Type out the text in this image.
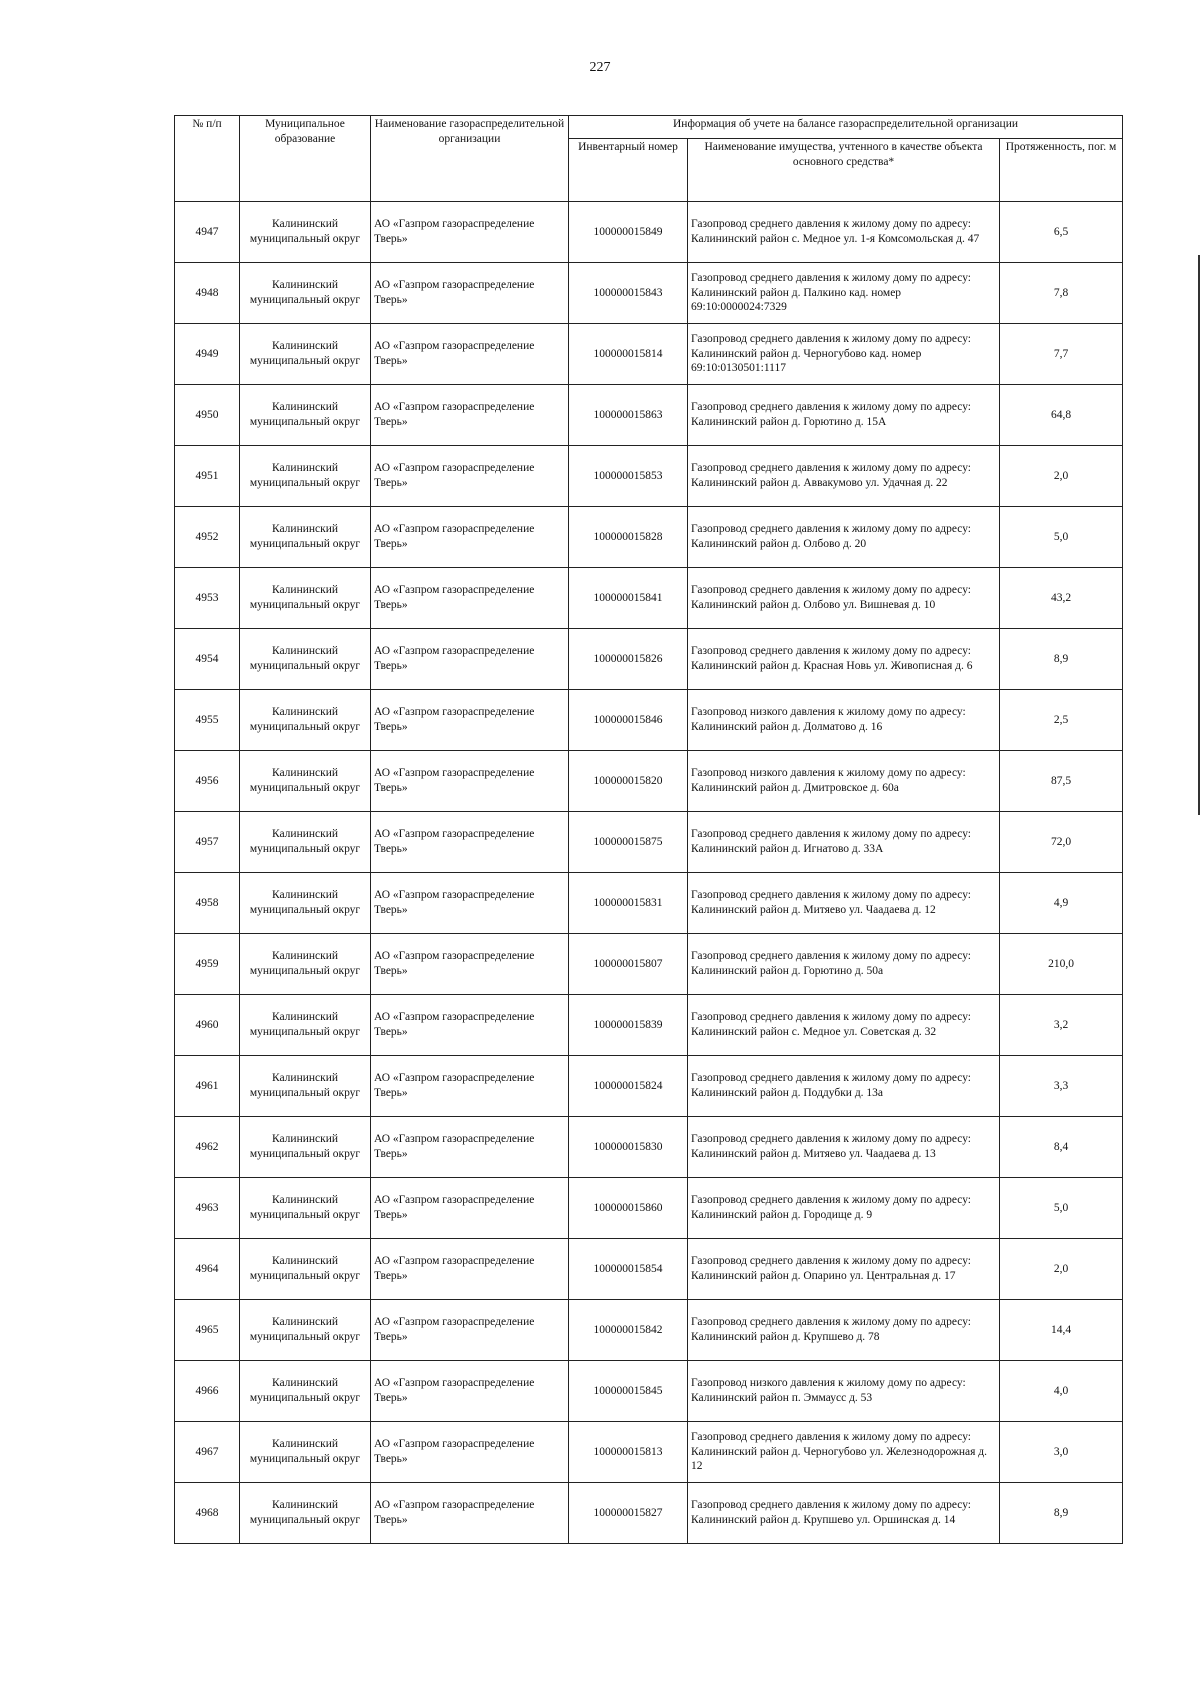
227
№ п/п	Муниципальное образование	Наименование газораспределительной организации	Информация об учете на балансе газораспределительной организации		
			Инвентарный номер	Наименование имущества, учтенного в качестве объекта основного средства*	Протяженность, пог. м
4947	Калининский муниципальный округ	АО «Газпром газораспределение Тверь»	100000015849	Газопровод среднего давления к жилому дому по адресу: Калининский район с. Медное ул. 1-я Комсомольская д. 47	6,5
4948	Калининский муниципальный округ	АО «Газпром газораспределение Тверь»	100000015843	Газопровод среднего давления к жилому дому по адресу: Калининский район д. Палкино кад. номер 69:10:0000024:7329	7,8
4949	Калининский муниципальный округ	АО «Газпром газораспределение Тверь»	100000015814	Газопровод среднего давления к жилому дому по адресу: Калининский район д. Черногубово кад. номер 69:10:0130501:1117	7,7
4950	Калининский муниципальный округ	АО «Газпром газораспределение Тверь»	100000015863	Газопровод среднего давления к жилому дому по адресу: Калининский район д. Горютино д. 15А	64,8
4951	Калининский муниципальный округ	АО «Газпром газораспределение Тверь»	100000015853	Газопровод среднего давления к жилому дому по адресу: Калининский район д. Аввакумово ул. Удачная д. 22	2,0
4952	Калининский муниципальный округ	АО «Газпром газораспределение Тверь»	100000015828	Газопровод среднего давления к жилому дому по адресу: Калининский район д. Олбово д. 20	5,0
4953	Калининский муниципальный округ	АО «Газпром газораспределение Тверь»	100000015841	Газопровод среднего давления к жилому дому по адресу: Калининский район д. Олбово ул. Вишневая д. 10	43,2
4954	Калининский муниципальный округ	АО «Газпром газораспределение Тверь»	100000015826	Газопровод среднего давления к жилому дому по адресу: Калининский район д. Красная Новь ул. Живописная д. 6	8,9
4955	Калининский муниципальный округ	АО «Газпром газораспределение Тверь»	100000015846	Газопровод низкого давления к жилому дому по адресу: Калининский район д. Долматово д. 16	2,5
4956	Калининский муниципальный округ	АО «Газпром газораспределение Тверь»	100000015820	Газопровод низкого давления к жилому дому по адресу: Калининский район д. Дмитровское д. 60а	87,5
4957	Калининский муниципальный округ	АО «Газпром газораспределение Тверь»	100000015875	Газопровод среднего давления к жилому дому по адресу: Калининский район д. Игнатово д. 33А	72,0
4958	Калининский муниципальный округ	АО «Газпром газораспределение Тверь»	100000015831	Газопровод среднего давления к жилому дому по адресу: Калининский район д. Митяево ул. Чаадаева д. 12	4,9
4959	Калининский муниципальный округ	АО «Газпром газораспределение Тверь»	100000015807	Газопровод среднего давления к жилому дому по адресу: Калининский район д. Горютино д. 50а	210,0
4960	Калининский муниципальный округ	АО «Газпром газораспределение Тверь»	100000015839	Газопровод среднего давления к жилому дому по адресу: Калининский район с. Медное ул. Советская д. 32	3,2
4961	Калининский муниципальный округ	АО «Газпром газораспределение Тверь»	100000015824	Газопровод среднего давления к жилому дому по адресу: Калининский район д. Поддубки д. 13а	3,3
4962	Калининский муниципальный округ	АО «Газпром газораспределение Тверь»	100000015830	Газопровод среднего давления к жилому дому по адресу: Калининский район д. Митяево ул. Чаадаева д. 13	8,4
4963	Калининский муниципальный округ	АО «Газпром газораспределение Тверь»	100000015860	Газопровод среднего давления к жилому дому по адресу: Калининский район д. Городище д. 9	5,0
4964	Калининский муниципальный округ	АО «Газпром газораспределение Тверь»	100000015854	Газопровод среднего давления к жилому дому по адресу: Калининский район д. Опарино ул. Центральная д. 17	2,0
4965	Калининский муниципальный округ	АО «Газпром газораспределение Тверь»	100000015842	Газопровод среднего давления к жилому дому по адресу: Калининский район д. Крупшево д. 78	14,4
4966	Калининский муниципальный округ	АО «Газпром газораспределение Тверь»	100000015845	Газопровод низкого давления к жилому дому по адресу: Калининский район п. Эммаусс д. 53	4,0
4967	Калининский муниципальный округ	АО «Газпром газораспределение Тверь»	100000015813	Газопровод среднего давления к жилому дому по адресу: Калининский район д. Черногубово ул. Железнодорожная д. 12	3,0
4968	Калининский муниципальный округ	АО «Газпром газораспределение Тверь»	100000015827	Газопровод среднего давления к жилому дому по адресу: Калининский район д. Крупшево ул. Оршинская д. 14	8,9
